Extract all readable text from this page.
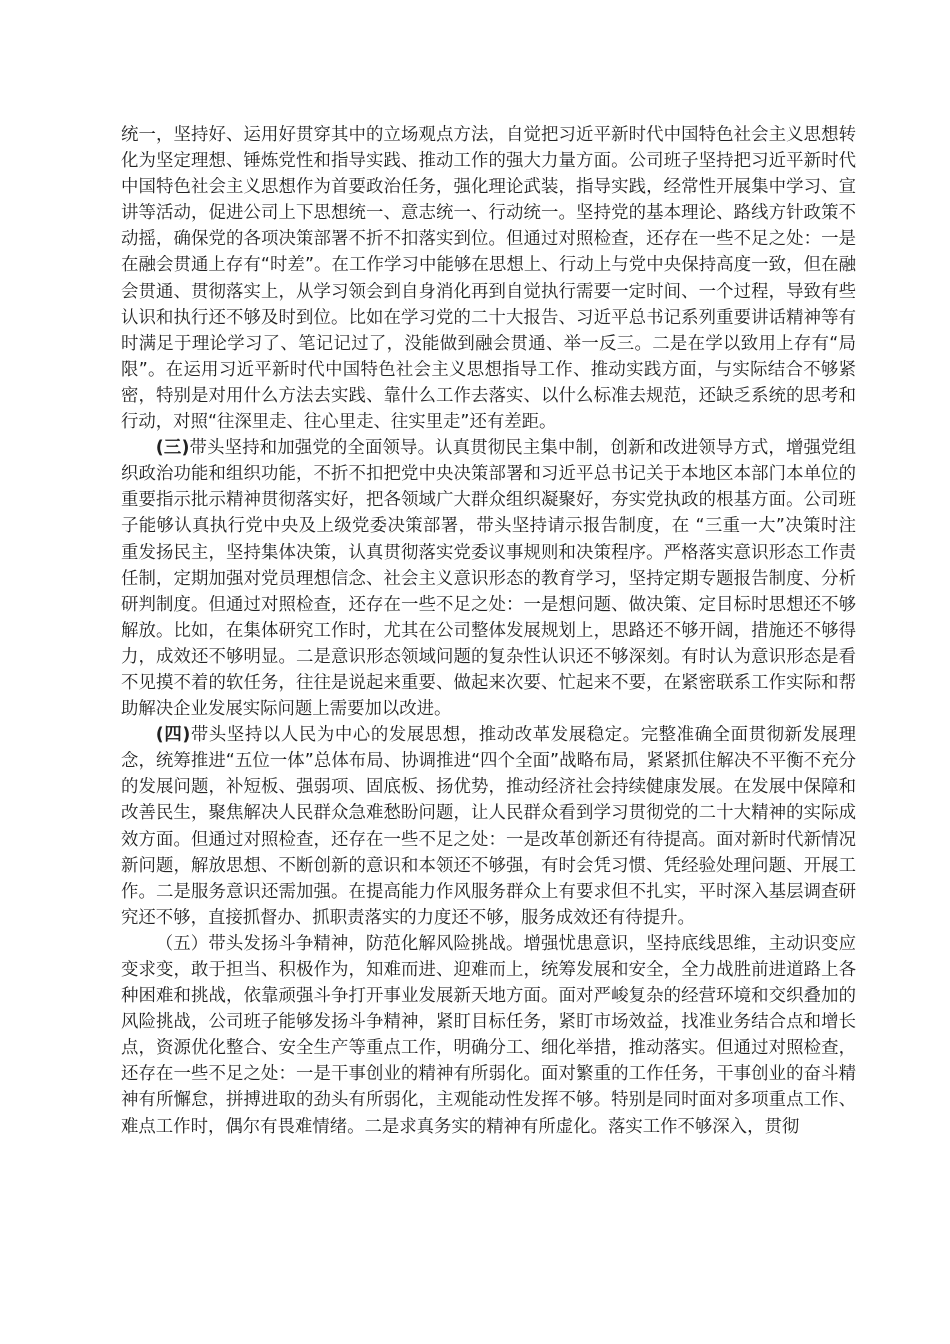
统一，坚持好、运用好贯穿其中的立场观点方法，自觉把习近平新时代中国特色社会主义思想转化为坚定理想、锤炼党性和指导实践、推动工作的强大力量方面。公司班子坚持把习近平新时代中国特色社会主义思想作为首要政治任务，强化理论武装，指导实践，经常性开展集中学习、宣讲等活动，促进公司上下思想统一、意志统一、行动统一。坚持党的基本理论、路线方针政策不动摇，确保党的各项决策部署不折不扣落实到位。但通过对照检查，还存在一些不足之处：一是在融会贯通上存有“时差”。在工作学习中能够在思想上、行动上与党中央保持高度一致，但在融会贯通、贯彻落实上，从学习领会到自身消化再到自觉执行需要一定时间、一个过程，导致有些认识和执行还不够及时到位。比如在学习党的二十大报告、习近平总书记系列重要讲话精神等有时满足于理论学习了、笔记记过了，没能做到融会贯通、举一反三。二是在学以致用上存有“局限”。在运用习近平新时代中国特色社会主义思想指导工作、推动实践方面，与实际结合不够紧密，特别是对用什么方法去实践、靠什么工作去落实、以什么标准去规范，还缺乏系统的思考和行动，对照“往深里走、往心里走、往实里走”还有差距。

(三)带头坚持和加强党的全面领导。认真贯彻民主集中制，创新和改进领导方式，增强党组织政治功能和组织功能，不折不扣把党中央决策部署和习近平总书记关于本地区本部门本单位的重要指示批示精神贯彻落实好，把各领域广大群众组织凝聚好，夯实党执政的根基方面。公司班子能够认真执行党中央及上级党委决策部署，带头坚持请示报告制度，在 “三重一大”决策时注重发扬民主，坚持集体决策，认真贯彻落实党委议事规则和决策程序。严格落实意识形态工作责任制，定期加强对党员理想信念、社会主义意识形态的教育学习，坚持定期专题报告制度、分析研判制度。但通过对照检查，还存在一些不足之处：一是想问题、做决策、定目标时思想还不够解放。比如，在集体研究工作时，尤其在公司整体发展规划上，思路还不够开阔，措施还不够得力，成效还不够明显。二是意识形态领域问题的复杂性认识还不够深刻。有时认为意识形态是看不见摸不着的软任务，往往是说起来重要、做起来次要、忙起来不要，在紧密联系工作实际和帮助解决企业发展实际问题上需要加以改进。

(四)带头坚持以人民为中心的发展思想，推动改革发展稳定。完整准确全面贯彻新发展理念，统筹推进“五位一体”总体布局、协调推进“四个全面”战略布局，紧紧抓住解决不平衡不充分的发展问题，补短板、强弱项、固底板、扬优势，推动经济社会持续健康发展。在发展中保障和改善民生，聚焦解决人民群众急难愁盼问题，让人民群众看到学习贯彻党的二十大精神的实际成效方面。但通过对照检查，还存在一些不足之处：一是改革创新还有待提高。面对新时代新情况新问题，解放思想、不断创新的意识和本领还不够强，有时会凭习惯、凭经验处理问题、开展工作。二是服务意识还需加强。在提高能力作风服务群众上有要求但不扎实，平时深入基层调查研究还不够，直接抓督办、抓职责落实的力度还不够，服务成效还有待提升。

（五）带头发扬斗争精神，防范化解风险挑战。增强忧患意识，坚持底线思维，主动识变应变求变，敢于担当、积极作为，知难而进、迎难而上，统筹发展和安全，全力战胜前进道路上各种困难和挑战，依靠顽强斗争打开事业发展新天地方面。面对严峻复杂的经营环境和交织叠加的风险挑战，公司班子能够发扬斗争精神，紧盯目标任务，紧盯市场效益，找准业务结合点和增长点，资源优化整合、安全生产等重点工作，明确分工、细化举措，推动落实。但通过对照检查，还存在一些不足之处：一是干事创业的精神有所弱化。面对繁重的工作任务，干事创业的奋斗精神有所懈怠，拼搏进取的劲头有所弱化，主观能动性发挥不够。特别是同时面对多项重点工作、难点工作时，偶尔有畏难情绪。二是求真务实的精神有所虚化。落实工作不够深入，贯彻
